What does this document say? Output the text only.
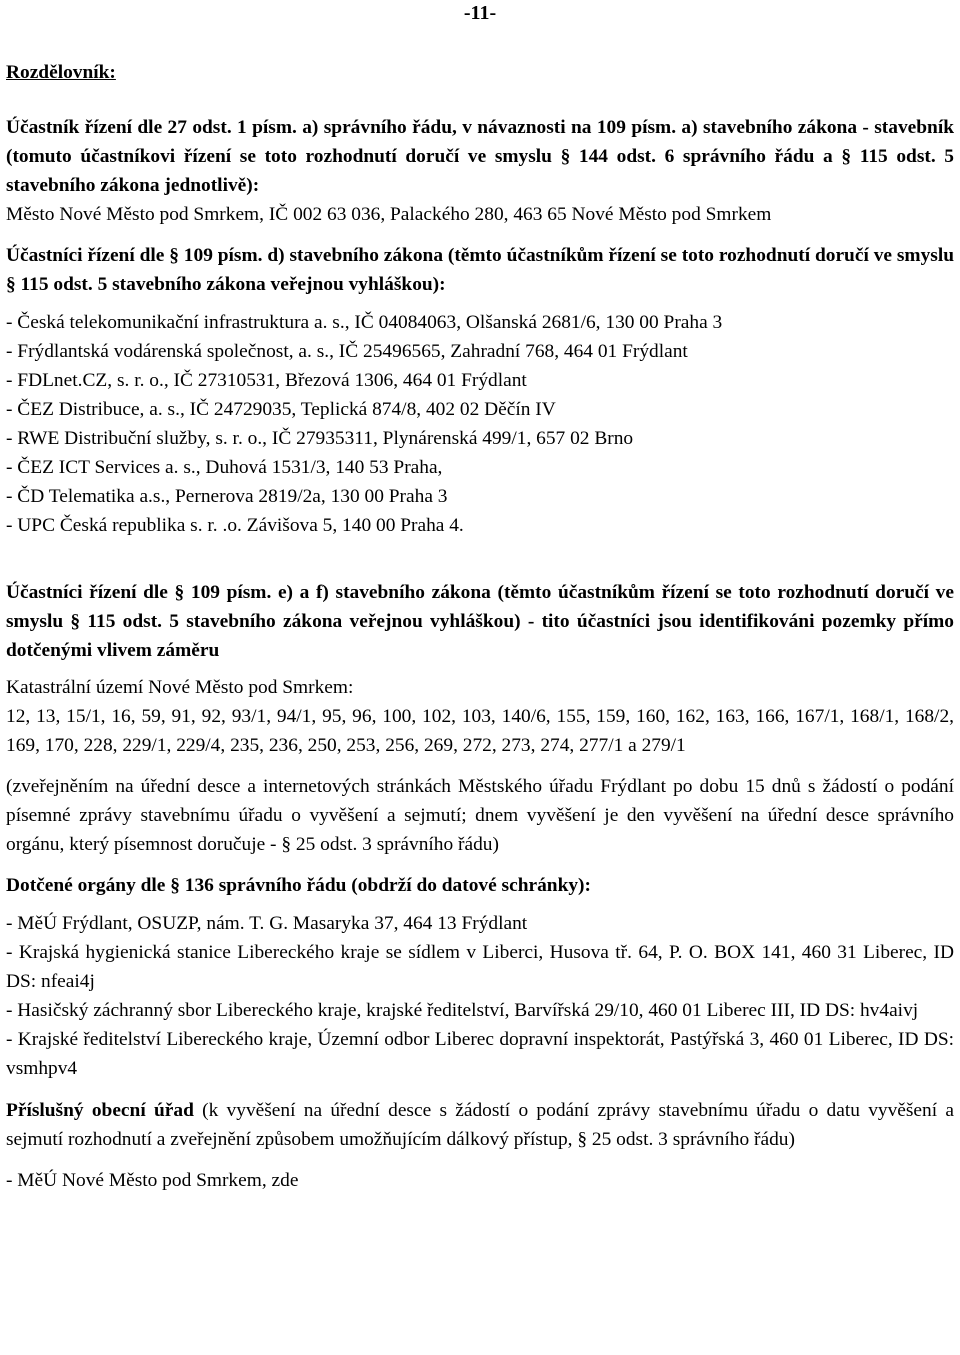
-11-

Rozdělovník:

Účastník řízení dle 27 odst. 1 písm. a) správního řádu, v návaznosti na 109 písm. a) stavebního zákona - stavebník (tomuto účastníkovi řízení se toto rozhodnutí doručí ve smyslu § 144 odst. 6 správního řádu a § 115 odst. 5 stavebního zákona jednotlivě):

Město Nové Město pod Smrkem, IČ 002 63 036, Palackého 280, 463 65 Nové Město pod Smrkem

Účastníci řízení dle § 109 písm. d) stavebního zákona (těmto účastníkům řízení se toto rozhodnutí doručí ve smyslu § 115 odst. 5 stavebního zákona veřejnou vyhláškou):

- Česká telekomunikační infrastruktura a. s., IČ 04084063, Olšanská 2681/6, 130 00 Praha 3
- Frýdlantská vodárenská společnost, a. s., IČ 25496565, Zahradní 768, 464 01 Frýdlant
- FDLnet.CZ, s. r. o., IČ 27310531, Březová 1306, 464 01 Frýdlant
- ČEZ Distribuce, a. s., IČ 24729035, Teplická 874/8, 402 02 Děčín IV
- RWE Distribuční služby, s. r. o., IČ 27935311, Plynárenská 499/1, 657 02 Brno
- ČEZ ICT Services a. s., Duhová 1531/3, 140 53 Praha,
- ČD Telematika a.s., Pernerova 2819/2a, 130 00 Praha 3
- UPC Česká republika s. r. .o. Závišova 5, 140 00 Praha 4.

Účastníci řízení dle § 109 písm. e) a f) stavebního zákona (těmto účastníkům řízení se toto rozhodnutí doručí ve smyslu § 115 odst. 5 stavebního zákona veřejnou vyhláškou) - tito účastníci jsou identifikováni pozemky přímo dotčenými vlivem záměru

Katastrální území Nové Město pod Smrkem:

12, 13, 15/1, 16, 59, 91, 92, 93/1, 94/1, 95, 96, 100, 102, 103, 140/6, 155, 159, 160, 162, 163, 166, 167/1, 168/1, 168/2, 169, 170, 228, 229/1, 229/4, 235, 236, 250, 253, 256, 269, 272, 273, 274, 277/1 a 279/1

(zveřejněním na úřední desce a internetových stránkách Městského úřadu Frýdlant po dobu 15 dnů s žádostí o podání písemné zprávy stavebnímu úřadu o vyvěšení a sejmutí; dnem vyvěšení je den vyvěšení na úřední desce správního orgánu, který písemnost doručuje - § 25 odst. 3 správního řádu)

Dotčené orgány dle § 136 správního řádu (obdrží do datové schránky):

- MěÚ Frýdlant, OSUZP, nám. T. G. Masaryka 37, 464 13 Frýdlant

- Krajská hygienická stanice Libereckého kraje se sídlem v Liberci, Husova tř. 64, P. O. BOX 141, 460 31 Liberec, ID DS: nfeai4j

- Hasičský záchranný sbor Libereckého kraje, krajské ředitelství, Barvířská 29/10, 460 01 Liberec III, ID DS: hv4aivj

- Krajské ředitelství Libereckého kraje, Územní odbor Liberec dopravní inspektorát, Pastýřská 3, 460 01 Liberec, ID DS: vsmhpv4

Příslušný obecní úřad (k vyvěšení na úřední desce s žádostí o podání zprávy stavebnímu úřadu o datu vyvěšení a sejmutí rozhodnutí a zveřejnění způsobem umožňujícím dálkový přístup, § 25 odst. 3 správního řádu)

- MěÚ Nové Město pod Smrkem, zde
